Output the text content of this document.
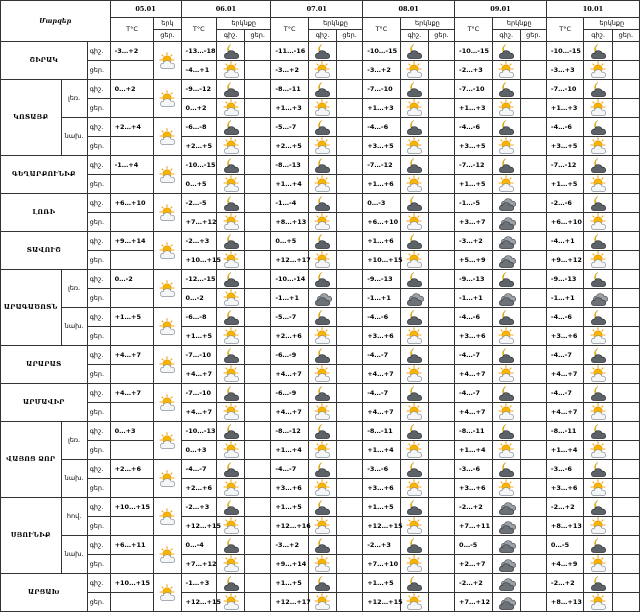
Մարզեր			05.01		06.01			07.01			08.01			09.01			10.01		
			T°C	երկ	T°C	երկնքը		T°C	երկնքը		T°C	երկնքը		T°C	երկնքը		T°C	երկնքը	
				ցեր.		գիշ.	ցեր.		գիշ.	ցեր.		գիշ.	ցեր.		գիշ.	ցեր.		գիշ.	ցեր.
ՇԻՐԱԿ		գիշ.	-3…+2		-13…-18			-11…-16			-10…-15			-10…-15			-10…-15	

		ցեր.			-4…+1			-3…+2			-3…+2			-2…+3			-3…+3	

ԿՈՏԱՅՔ	լեռ.	գիշ.	0…+2		-9…-12			-8…-11			-7…-10			-7…-10			-7…-10	

		ցեր.			0…+2			+1…+3			+1…+3			+1…+3			+1…+3	

	նախ.	գիշ.	+2…+4		-6…-8			-5…-7			-4…-6			-4…-6			-4…-6	

		ցեր.			+2…+5			+2…+5			+3…+5			+3…+5			+3…+5	

ԳԵՂԱՐՔՈՒՆԻՔ		գիշ.	-1…+4		-10…-15			-8…-13			-7…-12			-7…-12			-7…-12	

		ցեր.			0…+5			+1…+4			+1…+6			+1…+5			+1…+5	

ԼՈՌԻ		գիշ.	+6…+10		-2…-5			-1…-4			0…-3			-1…-5			-2…-6	

		ցեր.			+7…+12			+8…+13			+6…+10			+3…+7			+6…+10	

ՏԱՎՈՒՇ		գիշ.	+9…+14		-2…+3			0…+5			+1…+6			-3…+2			-4…+1	

		ցեր.			+10…+15			+12…+17			+10…+15			+5…+9			+9…+12	

ԱՐԱԳԱԾՈՏՆ	լեռ.	գիշ.	0…-2		-12…-15			-10…-14			-9…-13			-9…-13			-9…-13	

		ցեր.			0…-2			-1…+1			-1…+1			-1…+1			-1…+1	

	նախ.	գիշ.	+1…+5		-6…-8			-5…-7			-4…-6			-4…-6			-4…-6	

		ցեր.			+1…+5			+2…+6			+3…+6			+3…+6			+3…+6	

ԱՐԱՐԱՏ		գիշ.	+4…+7		-7…-10			-6…-9			-4…-7			-4…-7			-4…-7	

		ցեր.			+4…+7			+4…+7			+4…+7			+4…+7			+4…+7	

ԱՐՄԱՎԻՐ		գիշ.	+4…+7		-7…-10			-6…-9			-4…-7			-4…-7			-4…-7	

		ցեր.			+4…+7			+4…+7			+4…+7			+4…+7			+4…+7	

ՎԱՅՈՑ ՁՈՐ	լեռ.	գիշ.	0…+3		-10…-13			-8…-12			-8…-11			-8…-11			-8…-11	

		ցեր.			0…+3			+1…+4			+1…+4			+1…+4			+1…+4	

	նախ.	գիշ.	+2…+6		-4…-7			-4…-7			-3…-6			-3…-6			-3…-6	

		ցեր.			+2…+6			+3…+6			+3…+6			+3…+6			+3…+6	

ՍՅՈՒՆԻՔ	հով.	գիշ.	+10…+15		-2…+3			+1…+5			+1…+5			-2…+2			-2…+2	

		ցեր.			+12…+15			+12…+16			+12…+15			+7…+11			+8…+13	

	նախ.	գիշ.	+6…+11		0…-4			-3…+2			-2…+3			0…-5			0…-5	

		ցեր.			+7…+12			+9…+14			+7…+10			+2…+7			+4…+9	

ԱՐՑԱԽ		գիշ.	+10…+15		-1…+3			+1…+5			+1…+5			-2…+2			-2…+2	

		ցեր.			+12…+15			+12…+17			+12…+15			+7…+12			+8…+13	
